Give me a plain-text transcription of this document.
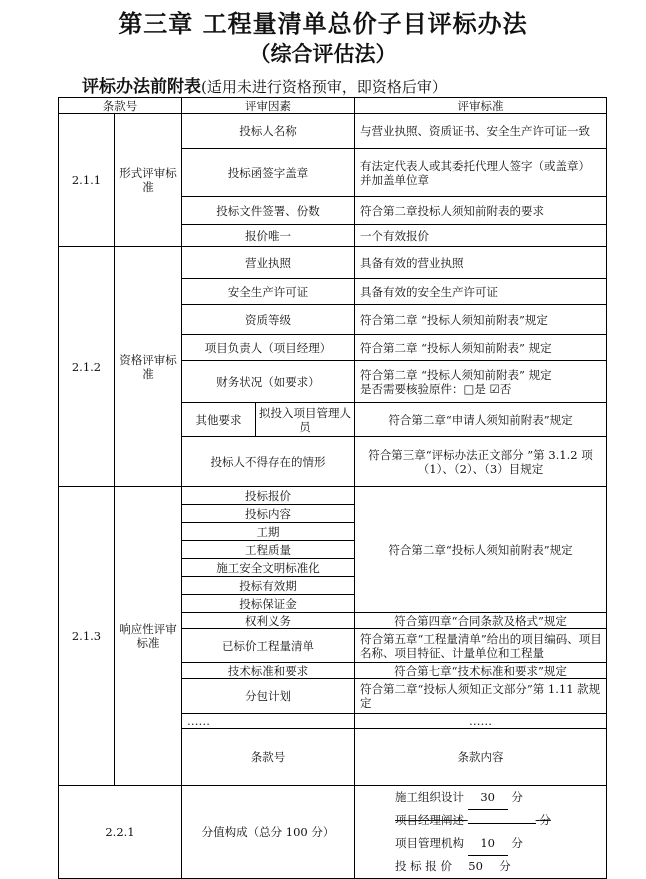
第三章 工程量清单总价子目评标办法
（综合评估法）
评标办法前附表(适用未进行资格预审，即资格后审）
条款号		评审因素		评审标准	
2.1.1	形式评审标准	投标人名称		与营业执照、资质证书、安全生产许可证一致	
		投标函签字盖章		有法定代表人或其委托代理人签字（或盖章）
并加盖单位章	
		投标文件签署、份数		符合第二章投标人须知前附表的要求	
		报价唯一		一个有效报价	
2.1.2	资格评审标准	营业执照		具备有效的营业执照	
		安全生产许可证		具备有效的安全生产许可证	
		资质等级		符合第二章 “投标人须知前附表”规定	
		项目负责人（项目经理）		符合第二章 “投标人须知前附表” 规定	
		财务状况（如要求）		符合第二章 “投标人须知前附表” 规定
是否需要核验原件：□是 ☑否	
		其他要求	拟投入项目管理人员	符合第二章“申请人须知前附表”规定	
		投标人不得存在的情形		符合第三章“评标办法正文部分 ”第 3.1.2 项
（1）、（2）、（3）目规定	
2.1.3	响应性评审标准	投标报价		符合第二章“投标人须知前附表”规定	
		投标内容			
		工期			
		工程质量			
		施工安全文明标准化			
		投标有效期			
		投标保证金			
		权利义务		符合第四章“合同条款及格式”规定	
		已标价工程量清单		符合第五章“工程量清单”给出的项目编码、项目名称、项目特征、计量单位和工程量	
		技术标准和要求		符合第七章“技术标准和要求”规定	
		分包计划		符合第二章“投标人须知正文部分”第 1.11 款规定	
		……		……	
		条款号		条款内容	
2.2.1		分值构成（总分 100 分）		施工组织设计 30 分
项目经理阐述 分
项目管理机构 10 分
投 标 报 价 50 分	
